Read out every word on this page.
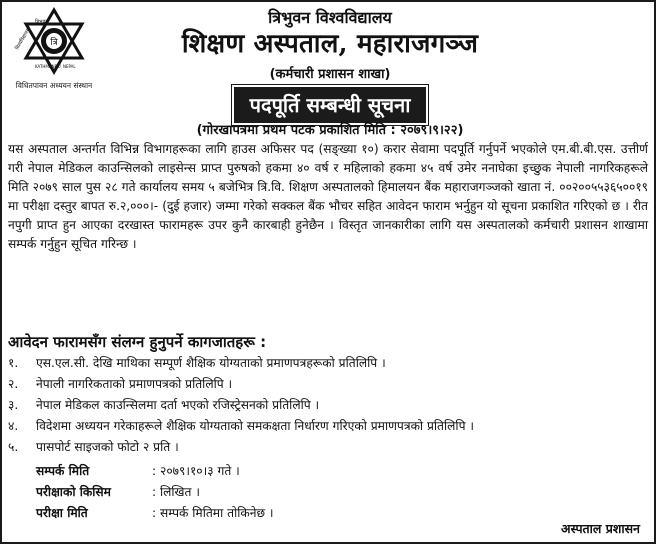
त्रि
त्रिभुवन
विश्वविद्यालय
KATHMANDU NEPAL
विधितपावन अध्ययन संस्थान
त्रिभुवन विश्वविद्यालय
शिक्षण अस्पताल, महाराजगञ्ज
(कर्मचारी प्रशासन शाखा)
पदपूर्ति सम्बन्धी सूचना
(गोरखापत्रमा प्रथम पटक प्रकाशित मिति : २०७९।९।२२)

यस अस्पताल अन्तर्गत विभिन्न विभागहरूका लागि हाउस अफिसर पद (सङ्ख्या १०) करार सेवामा पदपूर्ति गर्नुपर्ने भएकोले एम.बी.बी.एस. उत्तीर्ण गरी नेपाल मेडिकल काउन्सिलको लाइसेन्स प्राप्त पुरुषको हकमा ४० वर्ष र महिलाको हकमा ४५ वर्ष उमेर ननाघेका इच्छुक नेपाली नागरिकहरूले मिति २०७९ साल पुस २८ गते कार्यालय समय ५ बजेभित्र त्रि.वि. शिक्षण अस्पतालको हिमालयन बैंक महाराजगञ्जको खाता नं. ००२००५५३६५००१९ मा परीक्षा दस्तुर बापत रु.२,०००।- (दुई हजार) जम्मा गरेको सक्कल बैंक भौचर सहित आवेदन फाराम भर्नुहुन यो सूचना प्रकाशित गरिएको छ । रीत नपुगी प्राप्त हुन आएका दरखास्त फारामहरू उपर कुनै कारबाही हुनेछैन । विस्तृत जानकारीका लागि यस अस्पतालको कर्मचारी प्रशासन शाखामा सम्पर्क गर्नुहुन सूचित गरिन्छ ।

आवेदन फारामसँग संलग्न हुनुपर्ने कागजातहरू :
१.	एस.एल.सी. देखि माथिका सम्पूर्ण शैक्षिक योग्यताको प्रमाणपत्रहरूको प्रतिलिपि ।
२.	नेपाली नागरिकताको प्रमाणपत्रको प्रतिलिपि ।
३.	नेपाल मेडिकल काउन्सिलमा दर्ता भएको रजिस्ट्रेसनको प्रतिलिपि ।
४.	विदेशमा अध्ययन गरेकाहरूले शैक्षिक योग्यताको समकक्षता निर्धारण गरिएको प्रमाणपत्रको प्रतिलिपि ।
५.	पासपोर्ट साइजको फोटो २ प्रति ।
सम्पर्क मिति	: २०७९।१०।३ गते ।
परीक्षाको किसिम	: लिखित ।
परीक्षा मिति	: सम्पर्क मितिमा तोकिनेछ ।
अस्पताल प्रशासन
